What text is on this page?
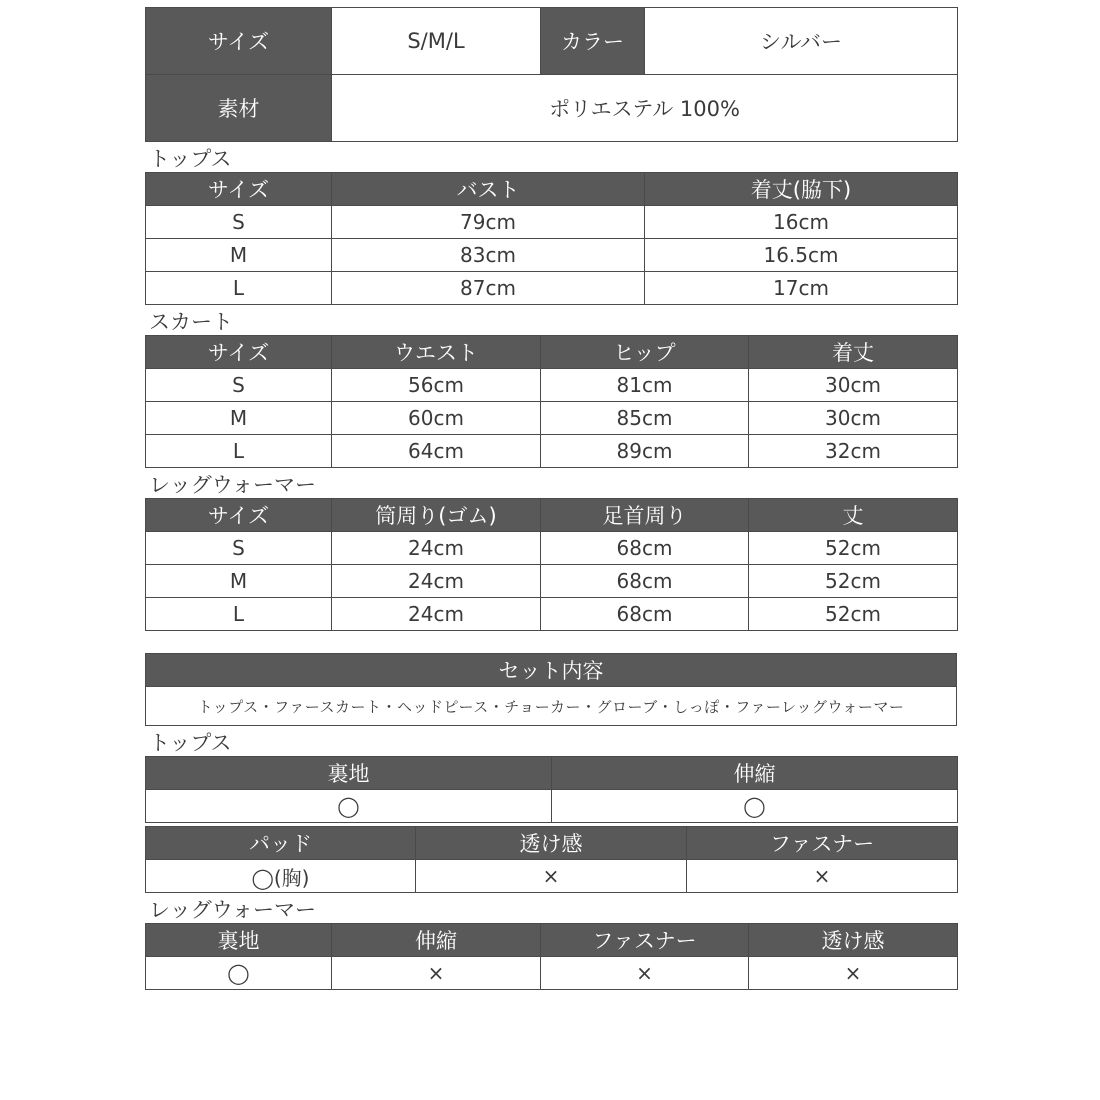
サイズ	S/M/L	カラー	シルバー
素材	ポリエステル 100%		
トップス
サイズ	バスト	着丈(脇下)
S	79cm	16cm
M	83cm	16.5cm
L	87cm	17cm
スカート
サイズ	ウエスト	ヒップ	着丈
S	56cm	81cm	30cm
M	60cm	85cm	30cm
L	64cm	89cm	32cm
レッグウォーマー
サイズ	筒周り(ゴム)	足首周り	丈
S	24cm	68cm	52cm
M	24cm	68cm	52cm
L	24cm	68cm	52cm
セット内容
トップス・ファースカート・ヘッドピース・チョーカー・グローブ・しっぽ・ファーレッグウォーマー
トップス
裏地	伸縮
◯	◯
パッド	透け感	ファスナー
◯(胸)	×	×
レッグウォーマー
裏地	伸縮	ファスナー	透け感
◯	×	×	×
